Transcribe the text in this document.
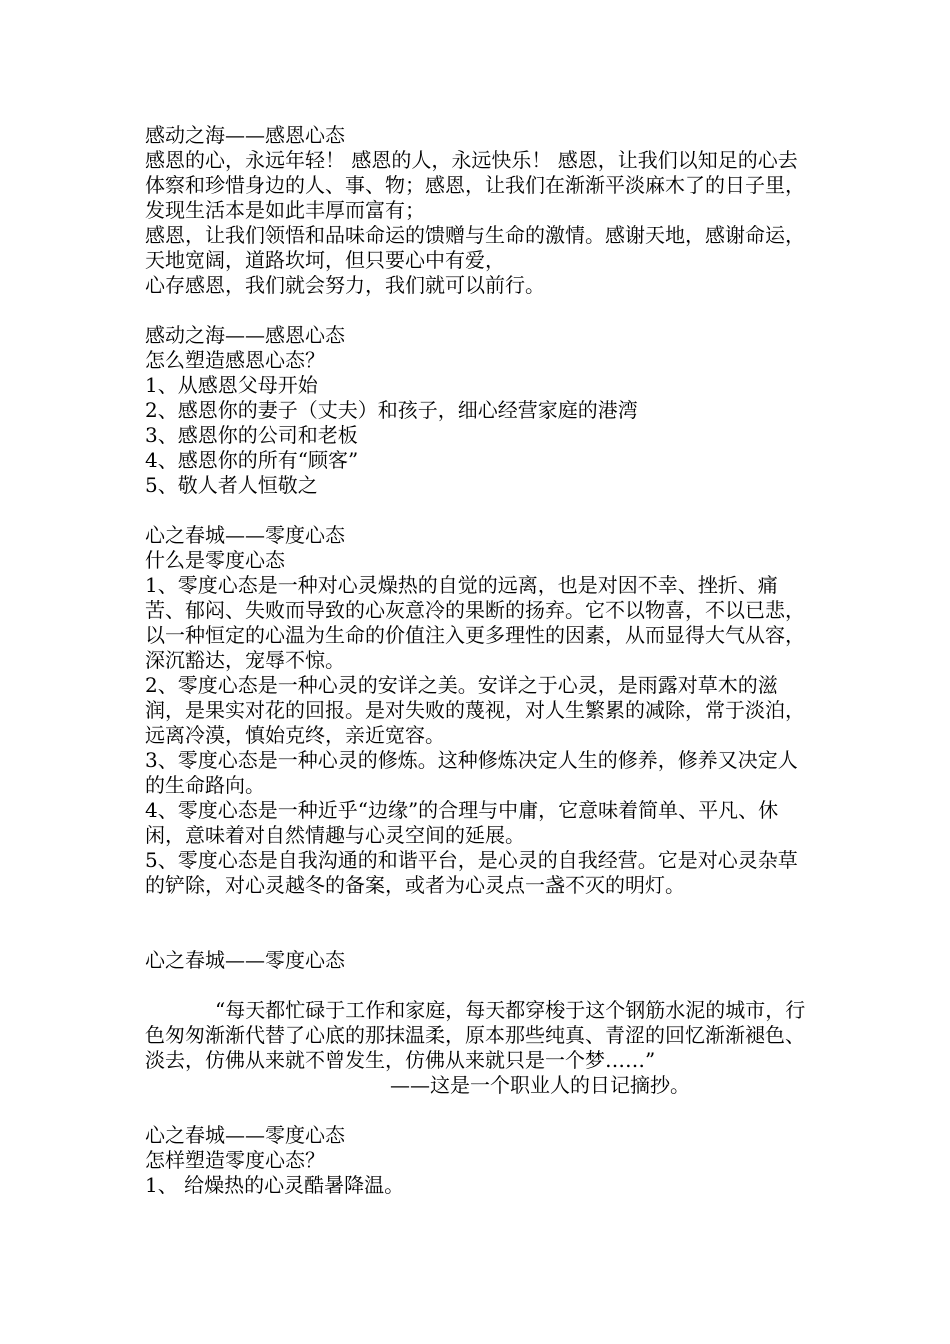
感动之海——感恩心态

感恩的心，永远年轻！ 感恩的人，永远快乐！ 感恩，让我们以知足的心去体察和珍惜身边的人、事、物；感恩，让我们在渐渐平淡麻木了的日子里，发现生活本是如此丰厚而富有；

感恩，让我们领悟和品味命运的馈赠与生命的激情。感谢天地，感谢命运，天地宽阔，道路坎坷，但只要心中有爱，

心存感恩，我们就会努力，我们就可以前行。

感动之海——感恩心态

怎么塑造感恩心态？

1、从感恩父母开始

2、感恩你的妻子（丈夫）和孩子，细心经营家庭的港湾

3、感恩你的公司和老板

4、感恩你的所有“顾客”

5、敬人者人恒敬之

心之春城——零度心态

什么是零度心态

1、零度心态是一种对心灵燥热的自觉的远离，也是对因不幸、挫折、痛苦、郁闷、失败而导致的心灰意冷的果断的扬弃。它不以物喜，不以已悲，以一种恒定的心温为生命的价值注入更多理性的因素，从而显得大气从容，深沉豁达，宠辱不惊。

2、零度心态是一种心灵的安详之美。安详之于心灵，是雨露对草木的滋润，是果实对花的回报。是对失败的蔑视，对人生繁累的减除，常于淡泊，远离冷漠，慎始克终，亲近宽容。

3、零度心态是一种心灵的修炼。这种修炼决定人生的修养，修养又决定人的生命路向。

4、零度心态是一种近乎“边缘”的合理与中庸，它意味着简单、平凡、休闲，意味着对自然情趣与心灵空间的延展。

5、零度心态是自我沟通的和谐平台，是心灵的自我经营。它是对心灵杂草的铲除，对心灵越冬的备案，或者为心灵点一盏不灭的明灯。

心之春城——零度心态

“每天都忙碌于工作和家庭，每天都穿梭于这个钢筋水泥的城市，行色匆匆渐渐代替了心底的那抹温柔，原本那些纯真、青涩的回忆渐渐褪色、淡去，仿佛从来就不曾发生，仿佛从来就只是一个梦……”

——这是一个职业人的日记摘抄。

心之春城——零度心态

怎样塑造零度心态？

1、 给燥热的心灵酷暑降温。
